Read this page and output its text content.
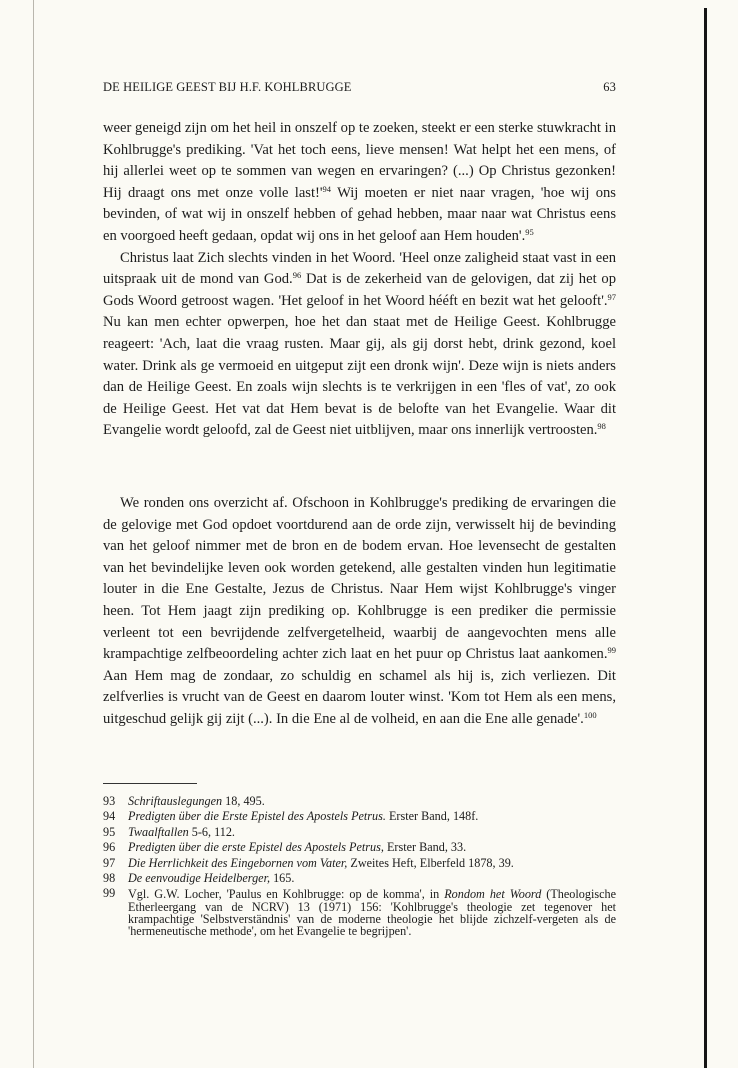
DE HEILIGE GEEST BIJ H.F. KOHLBRUGGE	63

weer geneigd zijn om het heil in onszelf op te zoeken, steekt er een sterke stuwkracht in Kohlbrugge's prediking. 'Vat het toch eens, lieve mensen! Wat helpt het een mens, of hij allerlei weet op te sommen van wegen en ervaringen? (...) Op Christus gezonken! Hij draagt ons met onze volle $last!'^{94}$ Wij moeten er niet naar vragen, 'hoe wij ons bevinden, of wat wij in onszelf hebben of gehad hebben, maar naar wat Christus eens en voorgoed heeft gedaan, opdat wij ons in het geloof aan Hem houden'.$^{95}$

Christus laat Zich slechts vinden in het Woord. 'Heel onze zaligheid staat vast in een uitspraak uit de mond van God.$^{96}$ Dat is de zekerheid van de gelovigen, dat zij het op Gods Woord getroost wagen. 'Het geloof in het Woord hééft en bezit wat het gelooft'.$^{97}$ Nu kan men echter opwerpen, hoe het dan staat met de Heilige Geest. Kohlbrugge reageert: 'Ach, laat die vraag rusten. Maar gij, als gij dorst hebt, drink gezond, koel water. Drink als ge vermoeid en uitgeput zijt een dronk wijn'. Deze wijn is niets anders dan de Heilige Geest. En zoals wijn slechts is te verkrijgen in een 'fles of vat', zo ook de Heilige Geest. Het vat dat Hem bevat is de belofte van het Evangelie. Waar dit Evangelie wordt geloofd, zal de Geest niet uitblijven, maar ons innerlijk vertroosten.$^{98}$

We ronden ons overzicht af. Ofschoon in Kohlbrugge's prediking de ervaringen die de gelovige met God opdoet voortdurend aan de orde zijn, verwisselt hij de bevinding van het geloof nimmer met de bron en de bodem ervan. Hoe levensecht de gestalten van het bevindelijke leven ook worden getekend, alle gestalten vinden hun legitimatie louter in die Ene Gestalte, Jezus de Christus. Naar Hem wijst Kohlbrugge's vinger heen. Tot Hem jaagt zijn prediking op. Kohlbrugge is een prediker die permissie verleent tot een bevrijdende zelfvergetelheid, waarbij de aangevochten mens alle krampachtige zelfbeoordeling achter zich laat en het puur op Christus laat aankomen.$^{99}$ Aan Hem mag de zondaar, zo schuldig en schamel als hij is, zich verliezen. Dit zelfverlies is vrucht van de Geest en daarom louter winst. 'Kom tot Hem als een mens, uitgeschud gelijk gij zijt (...). In die Ene al de volheid, en aan die Ene alle genade'.$^{100}$

93	Schriftauslegungen 18, 495.
94	Predigten über die Erste Epistel des Apostels Petrus. Erster Band, 148f.
95	Twaalftallen 5-6, 112.
96	Predigten über die erste Epistel des Apostels Petrus, Erster Band, 33.
97	Die Herrlichkeit des Eingebornen vom Vater, Zweites Heft, Elberfeld 1878, 39.
98	De eenvoudige Heidelberger, 165.
99	Vgl. G.W. Locher, 'Paulus en Kohlbrugge: op de komma', in Rondom het Woord (Theologische Etherleergang van de NCRV) 13 (1971) 156: 'Kohlbrugge's theologie zet tegenover het krampachtige 'Selbstverständnis' van de moderne theologie het blijde zichzelf-vergeten als de 'hermeneutische methode', om het Evangelie te begrijpen'.
